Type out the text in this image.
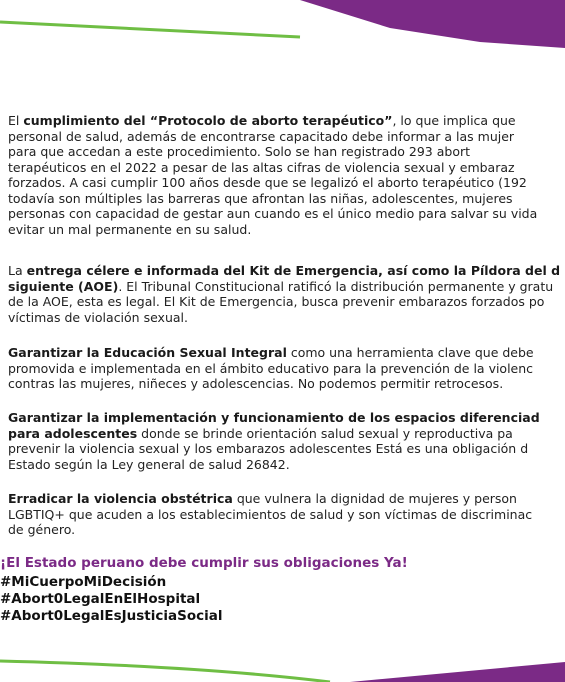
El cumplimiento del “Protocolo de aborto terapéutico”, lo que implica que
personal de salud, además de encontrarse capacitado debe informar a las mujer
para que accedan a este procedimiento. Solo se han registrado 293 abort
terapéuticos en el 2022 a pesar de las altas cifras de violencia sexual y embaraz
forzados. A casi cumplir 100 años desde que se legalizó el aborto terapéutico (192
todavía son múltiples las barreras que afrontan las niñas, adolescentes, mujeres
personas con capacidad de gestar aun cuando es el único medio para salvar su vida
evitar un mal permanente en su salud.
La entrega célere e informada del Kit de Emergencia, así como la Píldora del d
siguiente (AOE). El Tribunal Constitucional ratificó la distribución permanente y gratu
de la AOE, esta es legal. El Kit de Emergencia, busca prevenir embarazos forzados po
víctimas de violación sexual.
Garantizar la Educación Sexual Integral como una herramienta clave que debe
promovida e implementada en el ámbito educativo para la prevención de la violenc
contras las mujeres, niñeces y adolescencias. No podemos permitir retrocesos.
Garantizar la implementación y funcionamiento de los espacios diferenciad
para adolescentes donde se brinde orientación salud sexual y reproductiva pa
prevenir la violencia sexual y los embarazos adolescentes Está es una obligación d
Estado según la Ley general de salud 26842.
Erradicar la violencia obstétrica que vulnera la dignidad de mujeres y person
LGBTIQ+ que acuden a los establecimientos de salud y son víctimas de discriminac
de género.
¡El Estado peruano debe cumplir sus obligaciones Ya!
#MiCuerpoMiDecisión
#Abort0LegalEnElHospital
#Abort0LegalEsJusticiaSocial
